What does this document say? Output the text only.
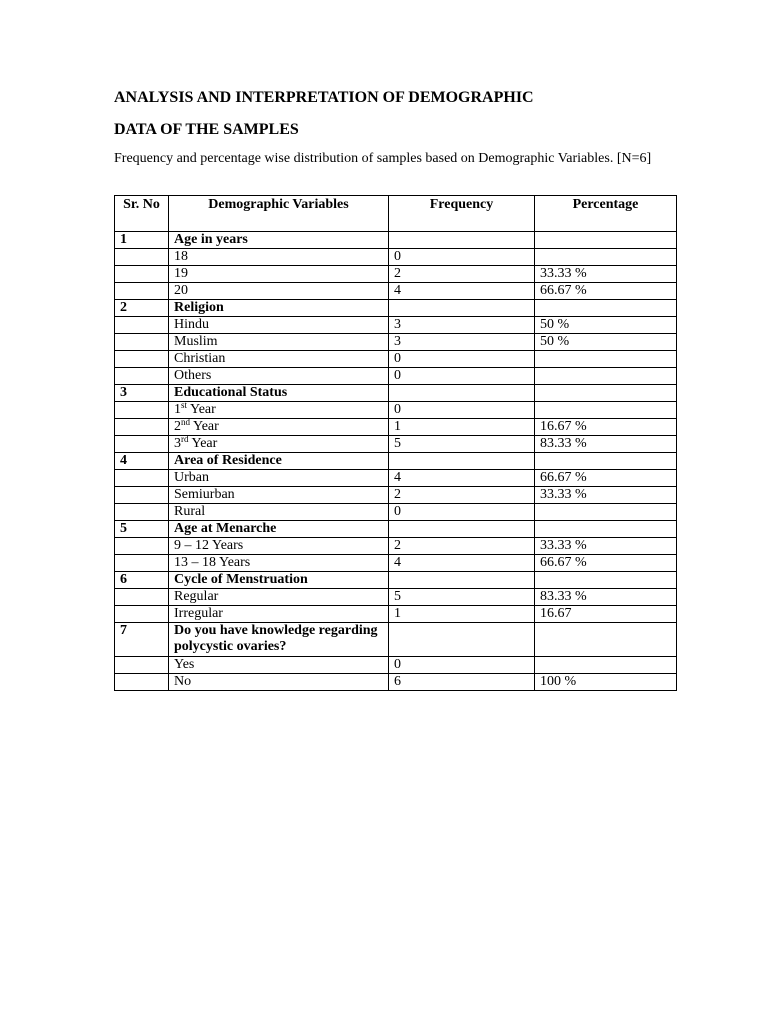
ANALYSIS AND INTERPRETATION OF DEMOGRAPHIC

DATA OF THE SAMPLES

Frequency and percentage wise distribution of samples based on Demographic Variables. [N=6]

Sr. No	Demographic Variables	Frequency	Percentage
1	Age in years		
	18	0	
	19	2	33.33 %
	20	4	66.67 %
2	Religion		
	Hindu	3	50 %
	Muslim	3	50 %
	Christian	0	
	Others	0	
3	Educational Status		
	1st Year	0	
	2nd Year	1	16.67 %
	3rd Year	5	83.33 %
4	Area of Residence		
	Urban	4	66.67 %
	Semiurban	2	33.33 %
	Rural	0	
5	Age at Menarche		
	9 – 12 Years	2	33.33 %
	13 – 18 Years	4	66.67 %
6	Cycle of Menstruation		
	Regular	5	83.33 %
	Irregular	1	16.67
7	Do you have knowledge regarding polycystic ovaries?		
	Yes	0	
	No	6	100 %
